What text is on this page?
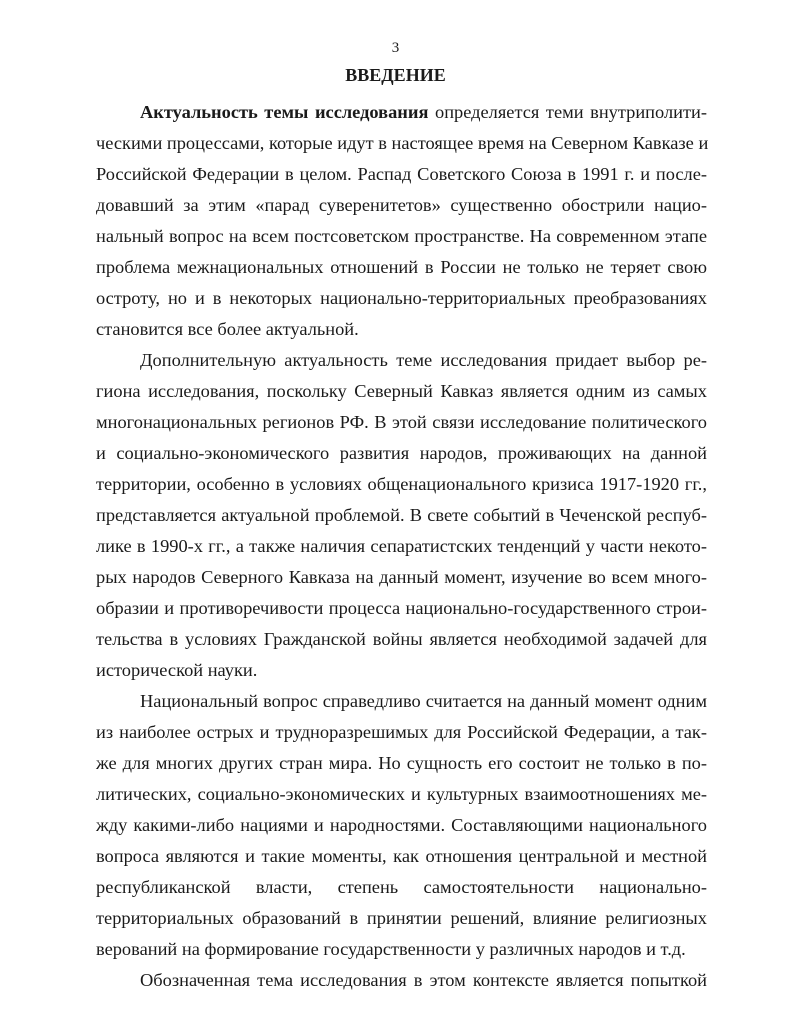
3
ВВЕДЕНИЕ
Актуальность темы исследования определяется теми внутриполити-
ческими процессами, которые идут в настоящее время на Северном Кавказе и
Российской Федерации в целом. Распад Советского Союза в 1991 г. и после-
довавший за этим «парад суверенитетов» существенно обострили нацио-
нальный вопрос на всем постсоветском пространстве. На современном этапе
проблема межнациональных отношений в России не только не теряет свою
остроту, но и в некоторых национально-территориальных преобразованиях
становится все более актуальной.
Дополнительную актуальность теме исследования придает выбор ре-
гиона исследования, поскольку Северный Кавказ является одним из самых
многонациональных регионов РФ. В этой связи исследование политического
и социально-экономического развития народов, проживающих на данной
территории, особенно в условиях общенационального кризиса 1917-1920 гг.,
представляется актуальной проблемой. В свете событий в Чеченской респуб-
лике в 1990-х гг., а также наличия сепаратистских тенденций у части некото-
рых народов Северного Кавказа на данный момент, изучение во всем много-
образии и противоречивости процесса национально-государственного строи-
тельства в условиях Гражданской войны является необходимой задачей для
исторической науки.
Национальный вопрос справедливо считается на данный момент одним
из наиболее острых и трудноразрешимых для Российской Федерации, а так-
же для многих других стран мира. Но сущность его состоит не только в по-
литических, социально-экономических и культурных взаимоотношениях ме-
жду какими-либо нациями и народностями. Составляющими национального
вопроса являются и такие моменты, как отношения центральной и местной
республиканской власти, степень самостоятельности национально-
территориальных образований в принятии решений, влияние религиозных
верований на формирование государственности у различных народов и т.д.
Обозначенная тема исследования в этом контексте является попыткой
